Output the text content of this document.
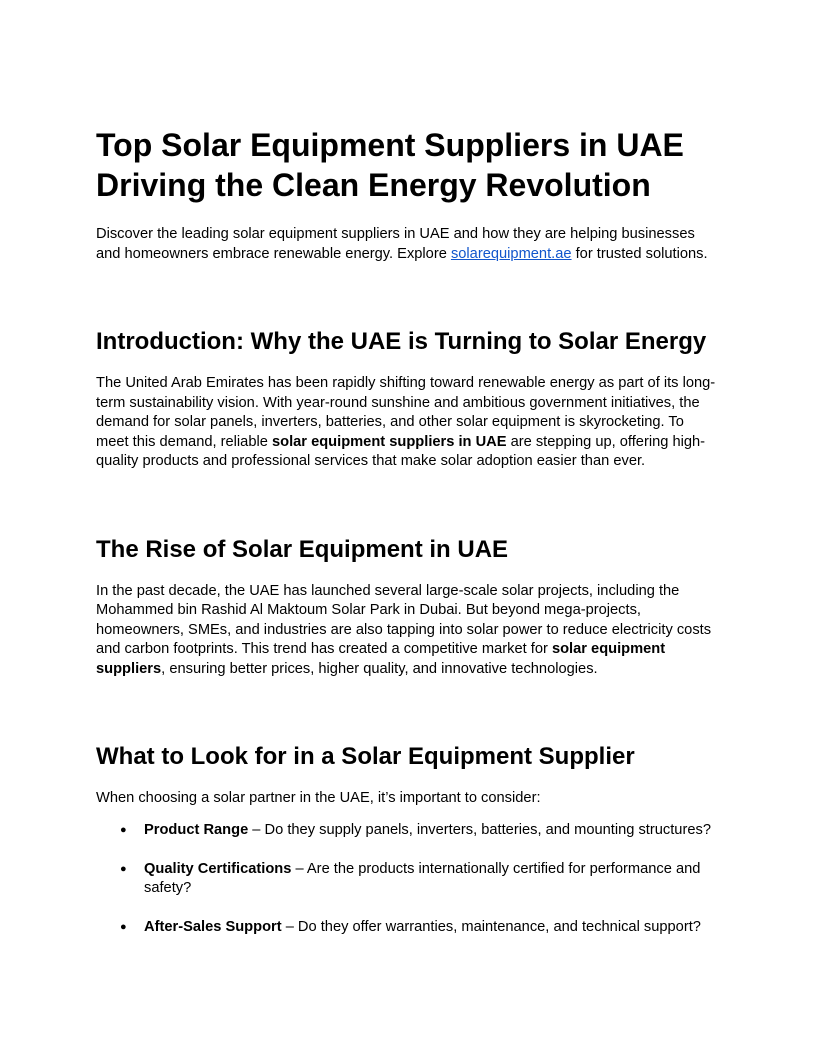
Top Solar Equipment Suppliers in UAE Driving the Clean Energy Revolution

Discover the leading solar equipment suppliers in UAE and how they are helping businesses and homeowners embrace renewable energy. Explore solarequipment.ae for trusted solutions.

Introduction: Why the UAE is Turning to Solar Energy

The United Arab Emirates has been rapidly shifting toward renewable energy as part of its long-term sustainability vision. With year-round sunshine and ambitious government initiatives, the demand for solar panels, inverters, batteries, and other solar equipment is skyrocketing. To meet this demand, reliable solar equipment suppliers in UAE are stepping up, offering high-quality products and professional services that make solar adoption easier than ever.

The Rise of Solar Equipment in UAE

In the past decade, the UAE has launched several large-scale solar projects, including the Mohammed bin Rashid Al Maktoum Solar Park in Dubai. But beyond mega-projects, homeowners, SMEs, and industries are also tapping into solar power to reduce electricity costs and carbon footprints. This trend has created a competitive market for solar equipment suppliers, ensuring better prices, higher quality, and innovative technologies.

What to Look for in a Solar Equipment Supplier

When choosing a solar partner in the UAE, it’s important to consider:

● Product Range – Do they supply panels, inverters, batteries, and mounting structures?
● Quality Certifications – Are the products internationally certified for performance and safety?
● After-Sales Support – Do they offer warranties, maintenance, and technical support?
